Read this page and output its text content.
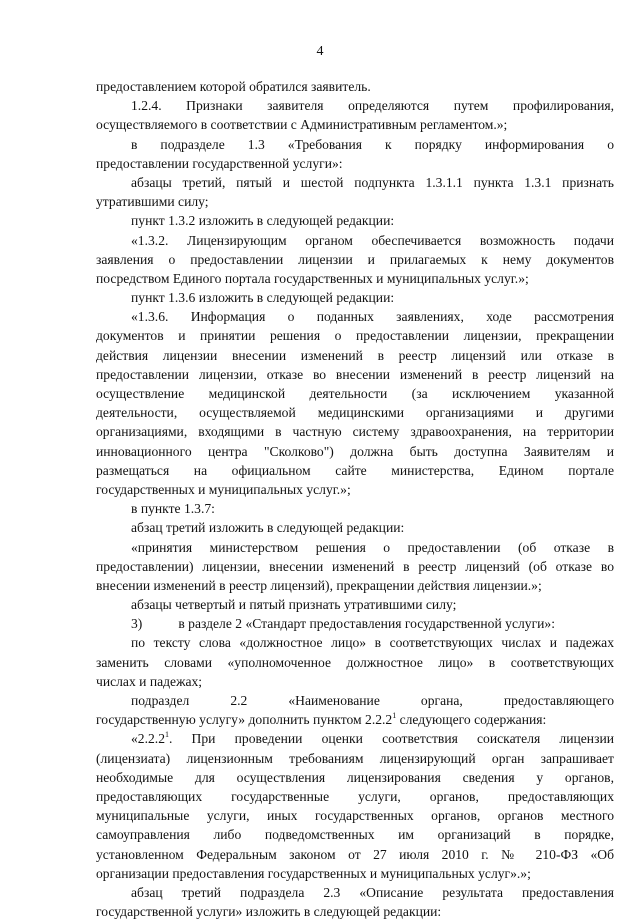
4
предоставлением которой обратился заявитель.
1.2.4. Признаки заявителя определяются путем профилирования,
осуществляемого в соответствии с Административным регламентом.»;
в подразделе 1.3 «Требования к порядку информирования о
предоставлении государственной услуги»:
абзацы третий, пятый и шестой подпункта 1.3.1.1 пункта 1.3.1 признать
утратившими силу;
пункт 1.3.2 изложить в следующей редакции:
«1.3.2. Лицензирующим органом обеспечивается возможность подачи
заявления о предоставлении лицензии и прилагаемых к нему документов
посредством Единого портала государственных и муниципальных услуг.»;
пункт 1.3.6 изложить в следующей редакции:
«1.3.6. Информация о поданных заявлениях, ходе рассмотрения
документов и принятии решения о предоставлении лицензии, прекращении
действия лицензии внесении изменений в реестр лицензий или отказе в
предоставлении лицензии, отказе во внесении изменений в реестр лицензий на
осуществление медицинской деятельности (за исключением указанной
деятельности, осуществляемой медицинскими организациями и другими
организациями, входящими в частную систему здравоохранения, на территории
инновационного центра "Сколково") должна быть доступна Заявителям и
размещаться на официальном сайте министерства, Едином портале
государственных и муниципальных услуг.»;
в пункте 1.3.7:
абзац третий изложить в следующей редакции:
«принятия министерством решения о предоставлении (об отказе в
предоставлении) лицензии, внесении изменений в реестр лицензий (об отказе во
внесении изменений в реестр лицензий), прекращении действия лицензии.»;
абзацы четвертый и пятый признать утратившими силу;
3)	в разделе 2 «Стандарт предоставления государственной услуги»:
по тексту слова «должностное лицо» в соответствующих числах и падежах
заменить словами «уполномоченное должностное лицо» в соответствующих
числах и падежах;
подраздел 2.2 «Наименование органа, предоставляющего
государственную услугу» дополнить пунктом 2.2.2$^1$ следующего содержания:
«2.2.2$^1$. При проведении оценки соответствия соискателя лицензии
(лицензиата) лицензионным требованиям лицензирующий орган запрашивает
необходимые для осуществления лицензирования сведения у органов,
предоставляющих государственные услуги, органов, предоставляющих
муниципальные услуги, иных государственных органов, органов местного
самоуправления либо подведомственных им организаций в порядке,
установленном Федеральным законом от 27 июля 2010 г. № 210-ФЗ «Об
организации предоставления государственных и муниципальных услуг».»;
абзац третий подраздела 2.3 «Описание результата предоставления
государственной услуги» изложить в следующей редакции:
